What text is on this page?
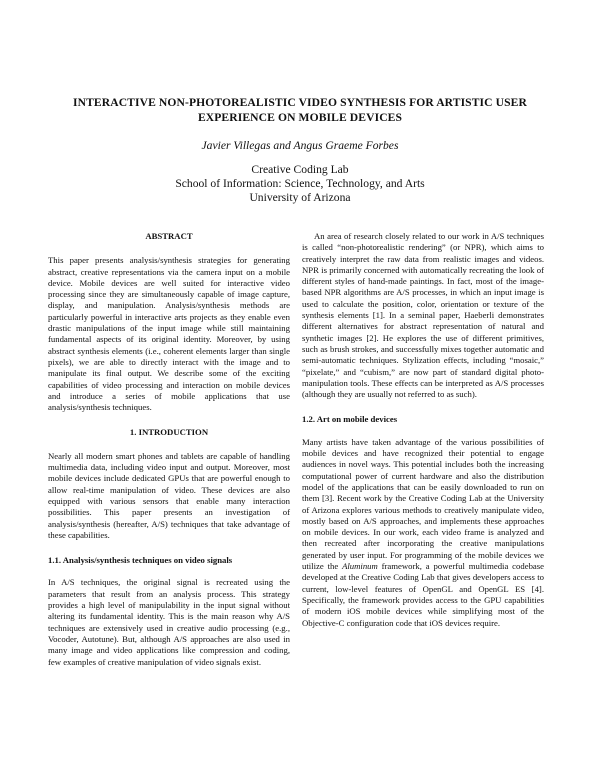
INTERACTIVE NON-PHOTOREALISTIC VIDEO SYNTHESIS FOR ARTISTIC USER
EXPERIENCE ON MOBILE DEVICES
Javier Villegas and Angus Graeme Forbes
Creative Coding Lab
School of Information: Science, Technology, and Arts
University of Arizona
ABSTRACT

This paper presents analysis/synthesis strategies for generating abstract, creative representations via the camera input on a mobile device. Mobile devices are well suited for interactive video processing since they are simultaneously capable of image capture, display, and manipulation. Analysis/synthesis methods are particularly powerful in interactive arts projects as they enable even drastic manipulations of the input image while still maintaining fundamental aspects of its original identity. Moreover, by using abstract synthesis elements (i.e., coherent elements larger than single pixels), we are able to directly interact with the image and to manipulate its final output. We describe some of the exciting capabilities of video processing and interaction on mobile devices and introduce a series of mobile applications that use analysis/synthesis techniques.

1. INTRODUCTION

Nearly all modern smart phones and tablets are capable of handling multimedia data, including video input and output. Moreover, most mobile devices include dedicated GPUs that are powerful enough to allow real-time manipulation of video. These devices are also equipped with various sensors that enable many interaction possibilities. This paper presents an investigation of analysis/synthesis (hereafter, A/S) techniques that take advantage of these capabilities.

1.1. Analysis/synthesis techniques on video signals

In A/S techniques, the original signal is recreated using the parameters that result from an analysis process. This strategy provides a high level of manipulability in the input signal without altering its fundamental identity. This is the main reason why A/S techniques are extensively used in creative audio processing (e.g., Vocoder, Autotune). But, although A/S approaches are also used in many image and video applications like compression and coding, few examples of creative manipulation of video signals exist.

An area of research closely related to our work in A/S techniques is called “non-photorealistic rendering” (or NPR), which aims to creatively interpret the raw data from realistic images and videos. NPR is primarily concerned with automatically recreating the look of different styles of hand-made paintings. In fact, most of the image-based NPR algorithms are A/S processes, in which an input image is used to calculate the position, color, orientation or texture of the synthesis elements [1]. In a seminal paper, Haeberli demonstrates different alternatives for abstract representation of natural and synthetic images [2]. He explores the use of different primitives, such as brush strokes, and successfully mixes together automatic and semi-automatic techniques. Stylization effects, including “mosaic,” “pixelate,” and “cubism,” are now part of standard digital photo-manipulation tools. These effects can be interpreted as A/S processes (although they are usually not referred to as such).

1.2. Art on mobile devices

Many artists have taken advantage of the various possibilities of mobile devices and have recognized their potential to engage audiences in novel ways. This potential includes both the increasing computational power of current hardware and also the distribution model of the applications that can be easily downloaded to run on them [3]. Recent work by the Creative Coding Lab at the University of Arizona explores various methods to creatively manipulate video, mostly based on A/S approaches, and implements these approaches on mobile devices. In our work, each video frame is analyzed and then recreated after incorporating the creative manipulations generated by user input. For programming of the mobile devices we utilize the Aluminum framework, a powerful multimedia codebase developed at the Creative Coding Lab that gives developers access to current, low-level features of OpenGL and OpenGL ES [4]. Specifically, the framework provides access to the GPU capabilities of modern iOS mobile devices while simplifying most of the Objective-C configuration code that iOS devices require.
